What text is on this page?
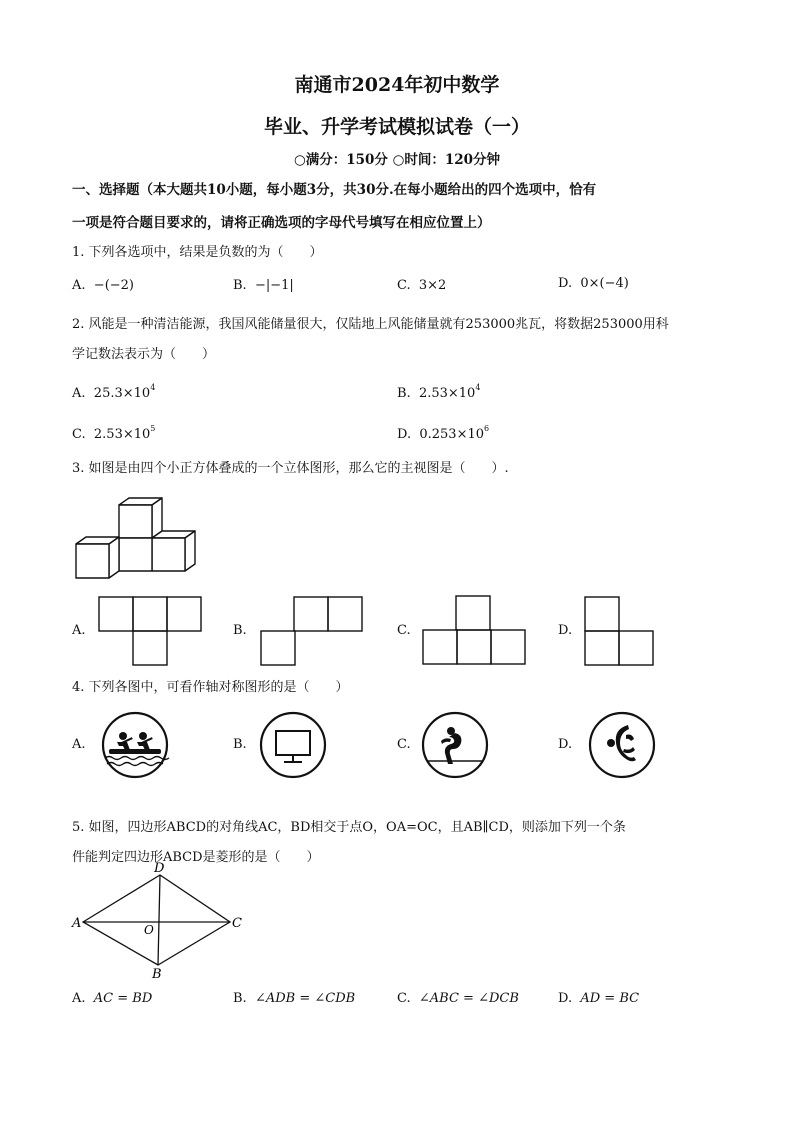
南通市2024年初中数学
毕业、升学考试模拟试卷（一）
○满分：150分 ○时间：120分钟
一、选择题（本大题共10小题，每小题3分，共30分.在每小题给出的四个选项中，恰有
一项是符合题目要求的，请将正确选项的字母代号填写在相应位置上）
1. 下列各选项中，结果是负数的为（　　）
A. −(−2)	B. −|−1|	C. 3×2	D. 0×(−4)
2. 风能是一种清洁能源，我国风能储量很大，仅陆地上风能储量就有253000兆瓦，将数据253000用科
学记数法表示为（　　）
A. $25.3\times 10^4$	B. $2.53\times 10^4$
C. $2.53\times 10^5$	D. $0.253\times 10^6$
3. 如图是由四个小正方体叠成的一个立体图形，那么它的主视图是（　　）.
A.	B.	C.	D.
4. 下列各图中，可看作轴对称图形的是（　　）
A.	B.	C.	D.
5. 如图，四边形ABCD的对角线AC，BD相交于点O，OA=OC，且AB∥CD，则添加下列一个条
件能判定四边形ABCD是菱形的是（　　）
A
D
C
B
O
A. AC = BD	B. ∠ADB = ∠CDB	C. ∠ABC = ∠DCB	D. AD = BC
